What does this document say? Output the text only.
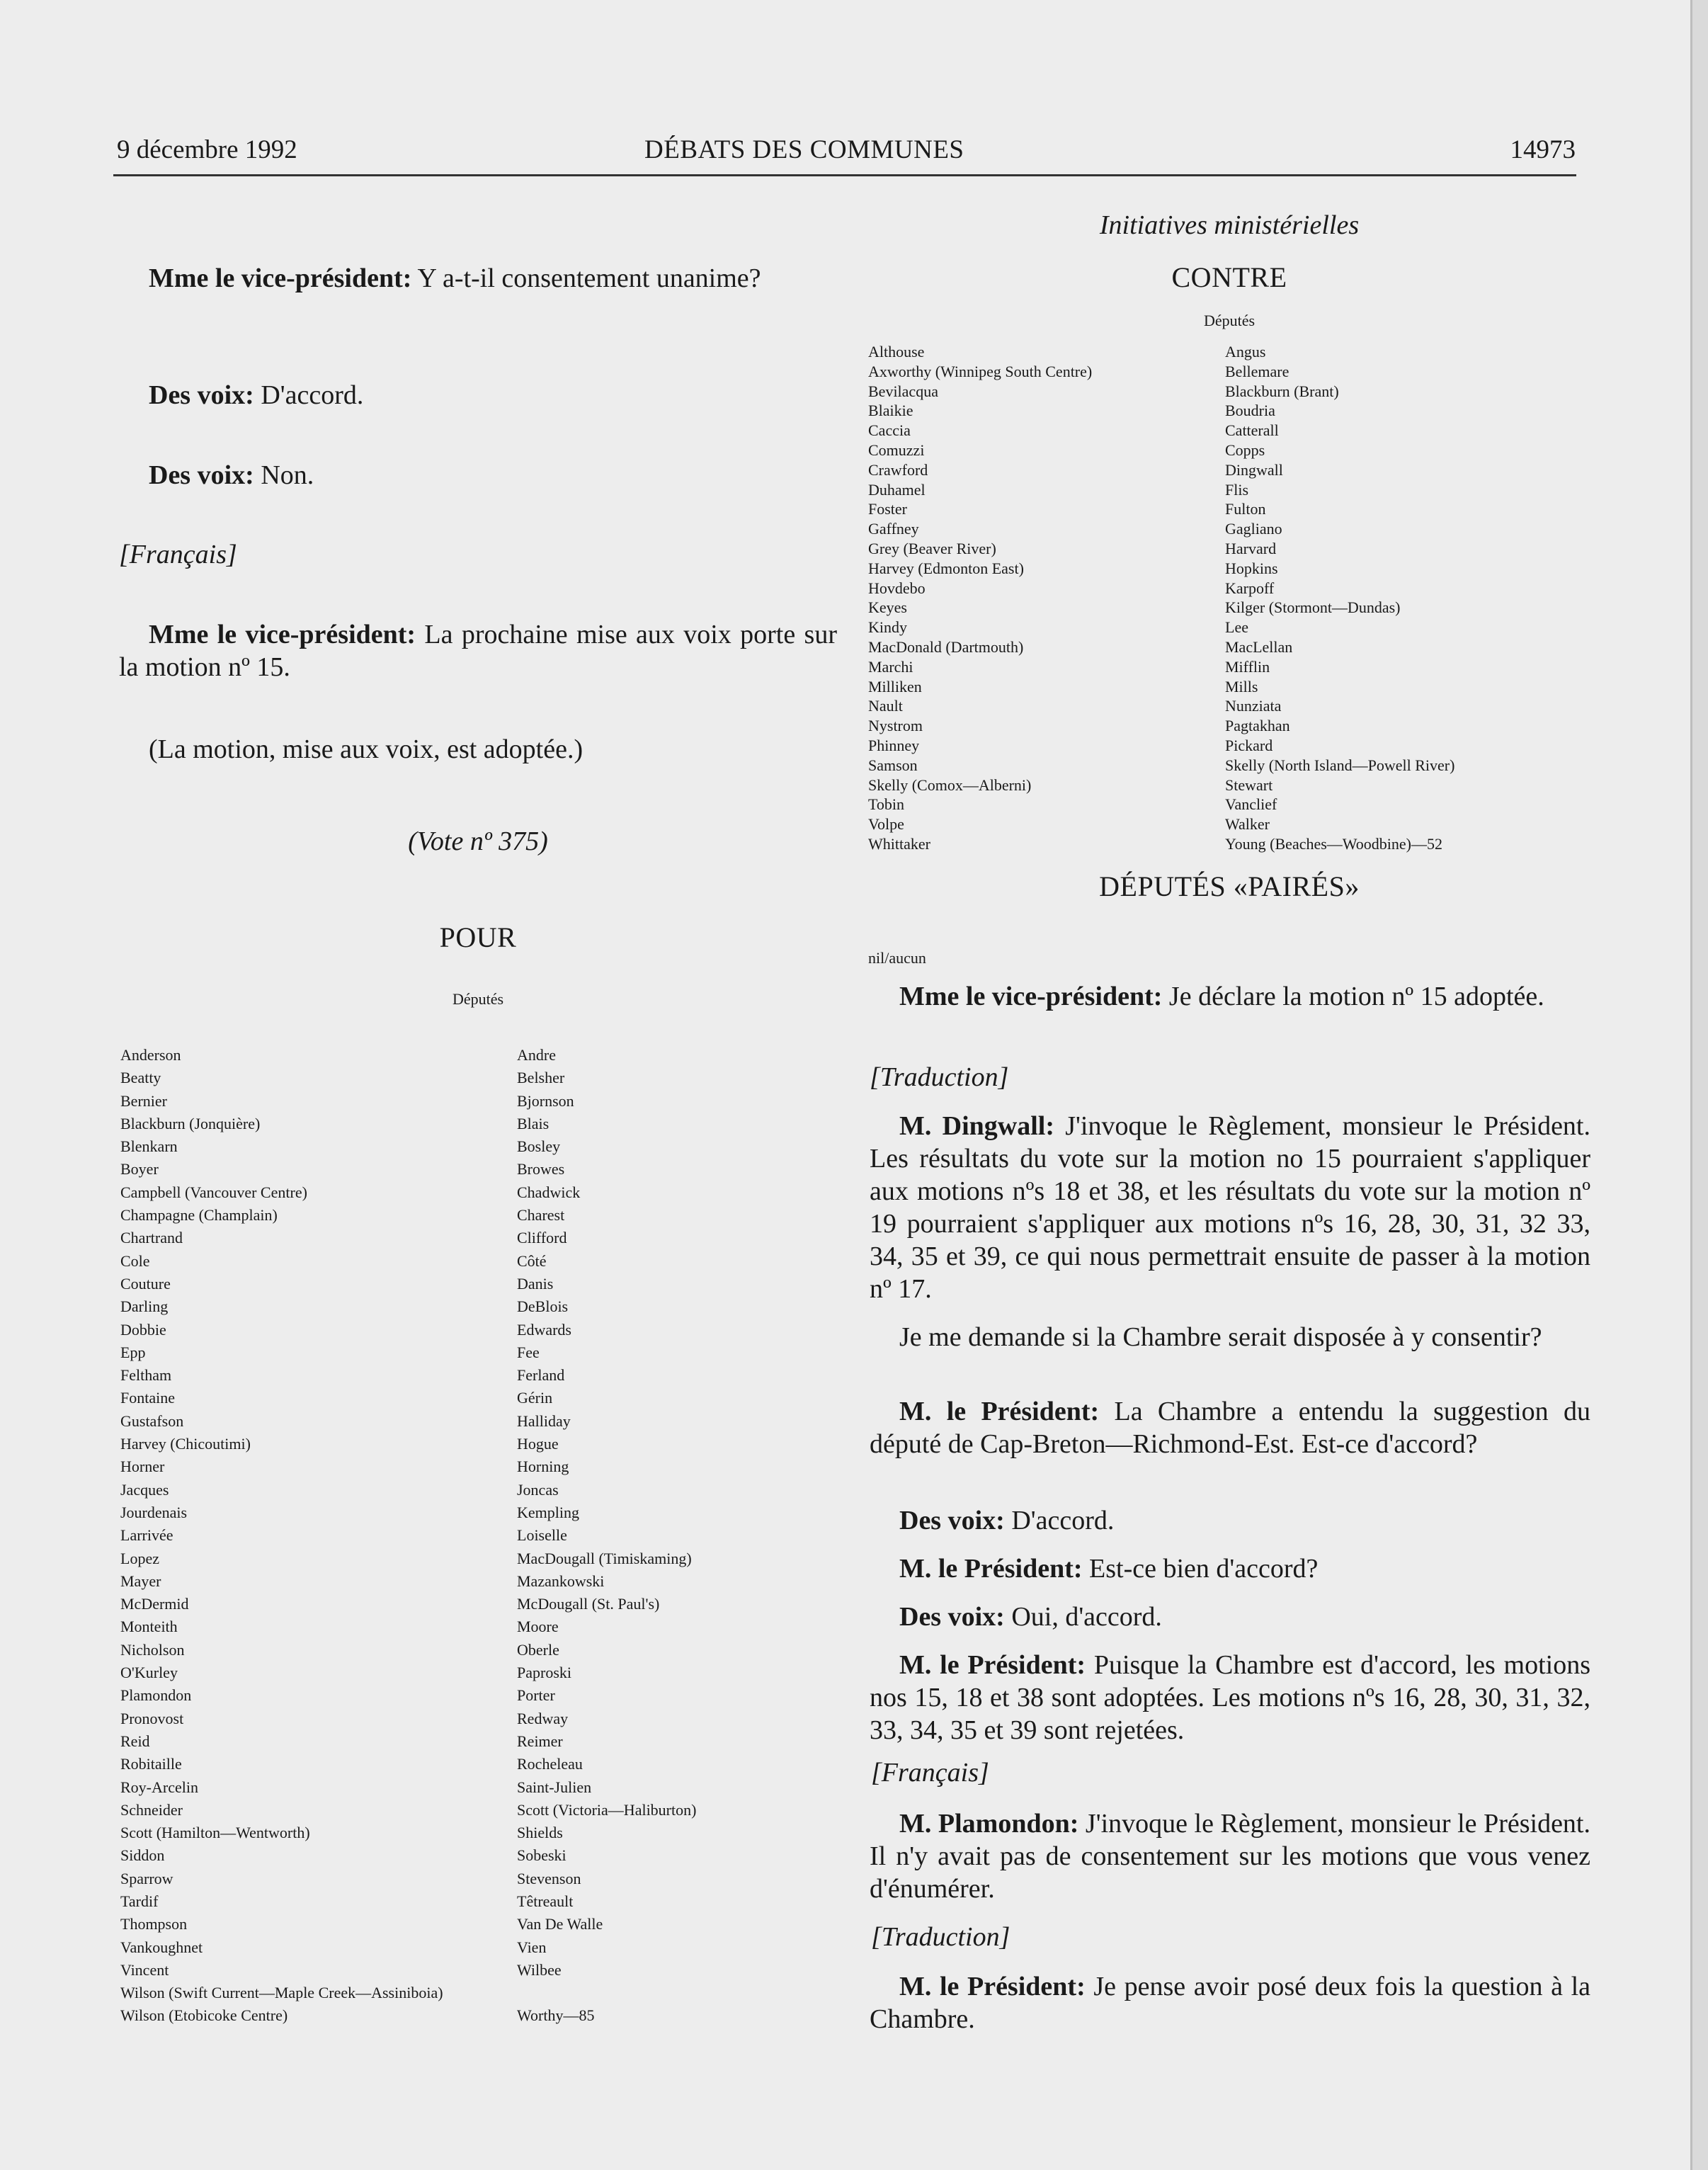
9 décembre 1992	DÉBATS DES COMMUNES	14973
Mme le vice-président: Y a-t-il consentement unanime?
Des voix: D'accord.
Des voix: Non.
[Français]
Mme le vice-président: La prochaine mise aux voix porte sur la motion nº 15.
(La motion, mise aux voix, est adoptée.)
(Vote nº 375)
POUR
Députés
Anderson
Beatty
Bernier
Blackburn (Jonquière)
Blenkarn
Boyer
Campbell (Vancouver Centre)
Champagne (Champlain)
Chartrand
Cole
Couture
Darling
Dobbie
Epp
Feltham
Fontaine
Gustafson
Harvey (Chicoutimi)
Horner
Jacques
Jourdenais
Larrivée
Lopez
Mayer
McDermid
Monteith
Nicholson
O'Kurley
Plamondon
Pronovost
Reid
Robitaille
Roy-Arcelin
Schneider
Scott (Hamilton—Wentworth)
Siddon
Sparrow
Tardif
Thompson
Vankoughnet
Vincent
Wilson (Swift Current—Maple Creek—Assiniboia)
Wilson (Etobicoke Centre)
Andre
Belsher
Bjornson
Blais
Bosley
Browes
Chadwick
Charest
Clifford
Côté
Danis
DeBlois
Edwards
Fee
Ferland
Gérin
Halliday
Hogue
Horning
Joncas
Kempling
Loiselle
MacDougall (Timiskaming)
Mazankowski
McDougall (St. Paul's)
Moore
Oberle
Paproski
Porter
Redway
Reimer
Rocheleau
Saint-Julien
Scott (Victoria—Haliburton)
Shields
Sobeski
Stevenson
Têtreault
Van De Walle
Vien
Wilbee
Worthy—85
Initiatives ministérielles
CONTRE
Députés
Althouse
Axworthy (Winnipeg South Centre)
Bevilacqua
Blaikie
Caccia
Comuzzi
Crawford
Duhamel
Foster
Gaffney
Grey (Beaver River)
Harvey (Edmonton East)
Hovdebo
Keyes
Kindy
MacDonald (Dartmouth)
Marchi
Milliken
Nault
Nystrom
Phinney
Samson
Skelly (Comox—Alberni)
Tobin
Volpe
Whittaker
Angus
Bellemare
Blackburn (Brant)
Boudria
Catterall
Copps
Dingwall
Flis
Fulton
Gagliano
Harvard
Hopkins
Karpoff
Kilger (Stormont—Dundas)
Lee
MacLellan
Mifflin
Mills
Nunziata
Pagtakhan
Pickard
Skelly (North Island—Powell River)
Stewart
Vanclief
Walker
Young (Beaches—Woodbine)—52
DÉPUTÉS «PAIRÉS»
nil/aucun
Mme le vice-président: Je déclare la motion nº 15 adoptée.
[Traduction]
M. Dingwall: J'invoque le Règlement, monsieur le Président. Les résultats du vote sur la motion no 15 pourraient s'appliquer aux motions nºs 18 et 38, et les résultats du vote sur la motion nº 19 pourraient s'appliquer aux motions nºs 16, 28, 30, 31, 32 33, 34, 35 et 39, ce qui nous permettrait ensuite de passer à la motion nº 17.
Je me demande si la Chambre serait disposée à y consentir?
M. le Président: La Chambre a entendu la suggestion du député de Cap-Breton—Richmond-Est. Est-ce d'accord?
Des voix: D'accord.
M. le Président: Est-ce bien d'accord?
Des voix: Oui, d'accord.
M. le Président: Puisque la Chambre est d'accord, les motions nos 15, 18 et 38 sont adoptées. Les motions nºs 16, 28, 30, 31, 32, 33, 34, 35 et 39 sont rejetées.
[Français]
M. Plamondon: J'invoque le Règlement, monsieur le Président. Il n'y avait pas de consentement sur les motions que vous venez d'énumérer.
[Traduction]
M. le Président: Je pense avoir posé deux fois la question à la Chambre.
